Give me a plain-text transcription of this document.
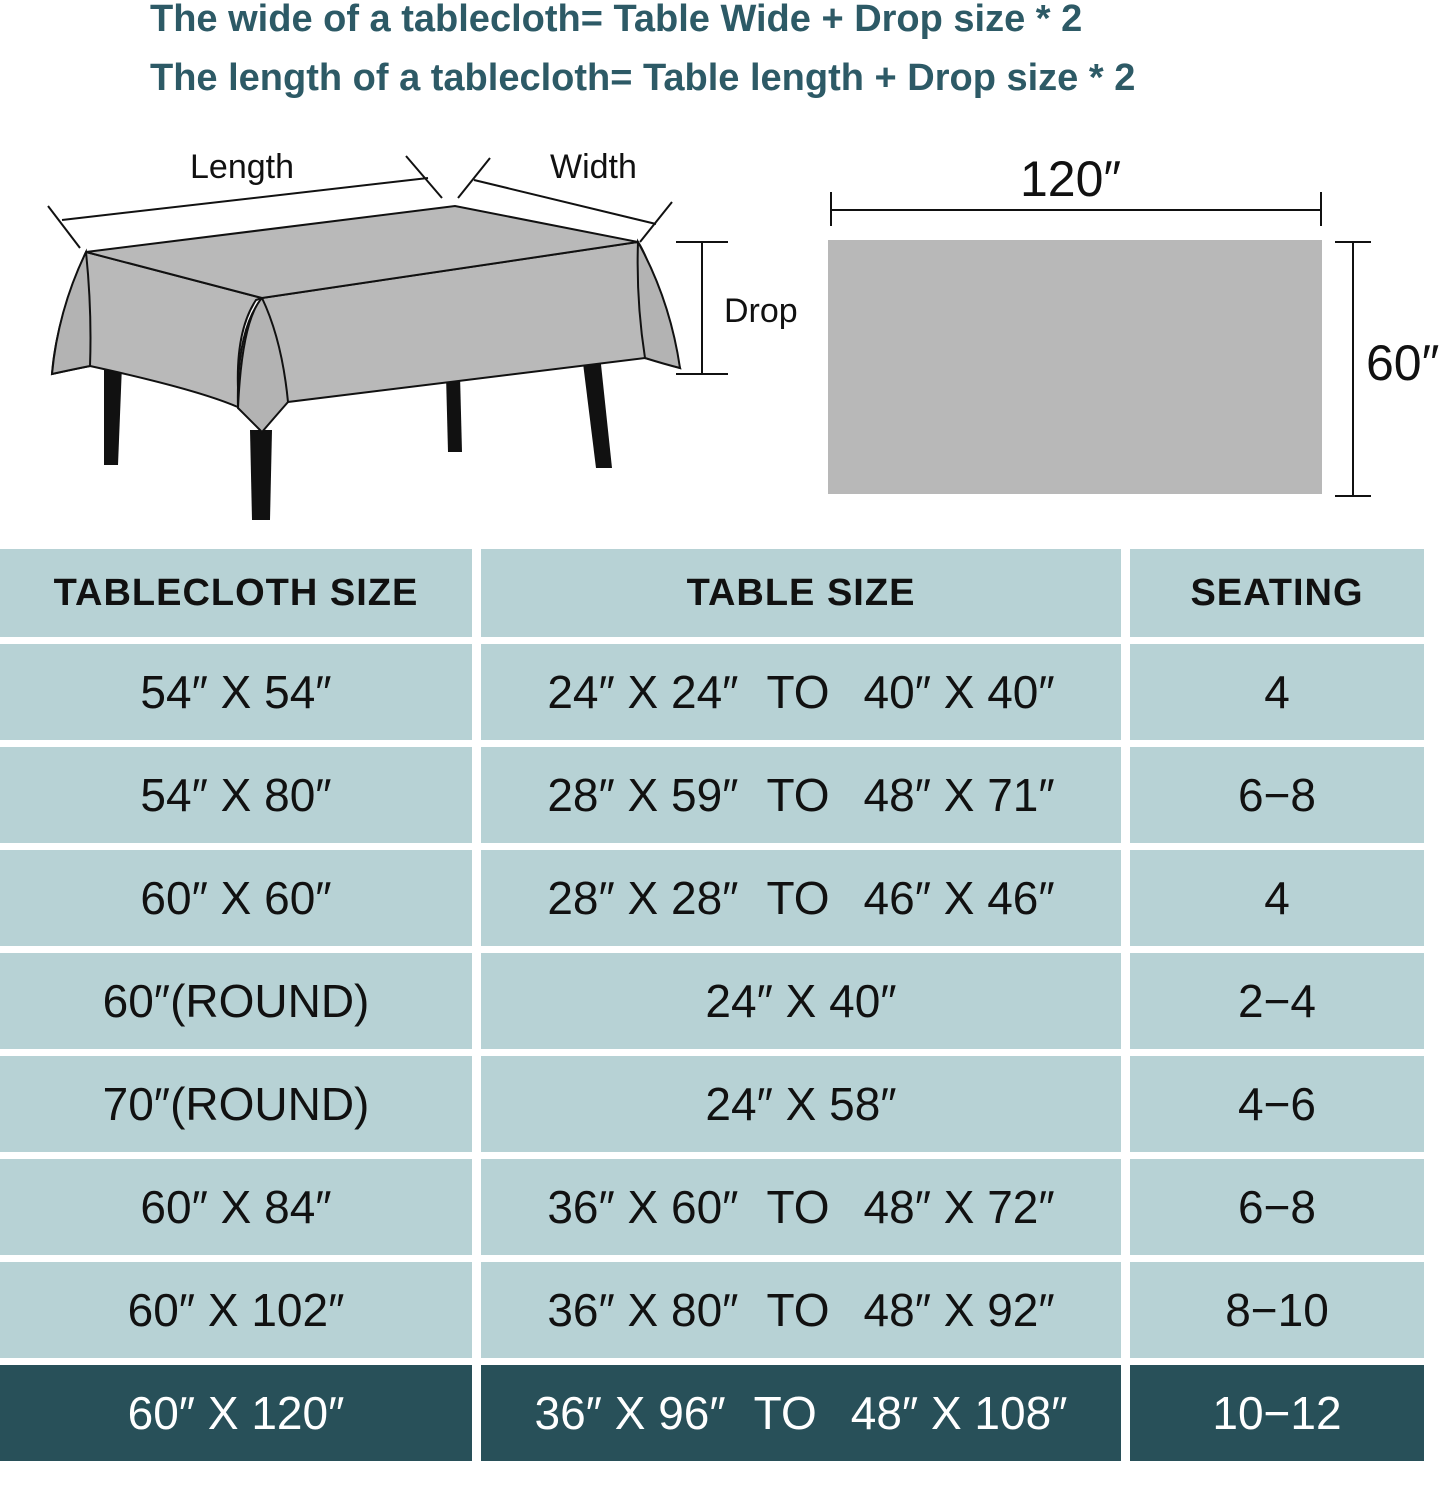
The wide of a tablecloth= Table Wide + Drop size * 2
The length of a tablecloth= Table length + Drop size * 2
Length	Width
Drop
120″
60″
TABLECLOTH SIZE	TABLE SIZE	SEATING
54″ X 54″	24″ X 24″ TO 40″ X 40″	4
54″ X 80″	28″ X 59″ TO 48″ X 71″	6−8
60″ X 60″	28″ X 28″ TO 46″ X 46″	4
60″(ROUND)	24″ X 40″	2−4
70″(ROUND)	24″ X 58″	4−6
60″ X 84″	36″ X 60″ TO 48″ X 72″	6−8
60″ X 102″	36″ X 80″ TO 48″ X 92″	8−10
60″ X 120″	36″ X 96″ TO 48″ X 108″	10−12
